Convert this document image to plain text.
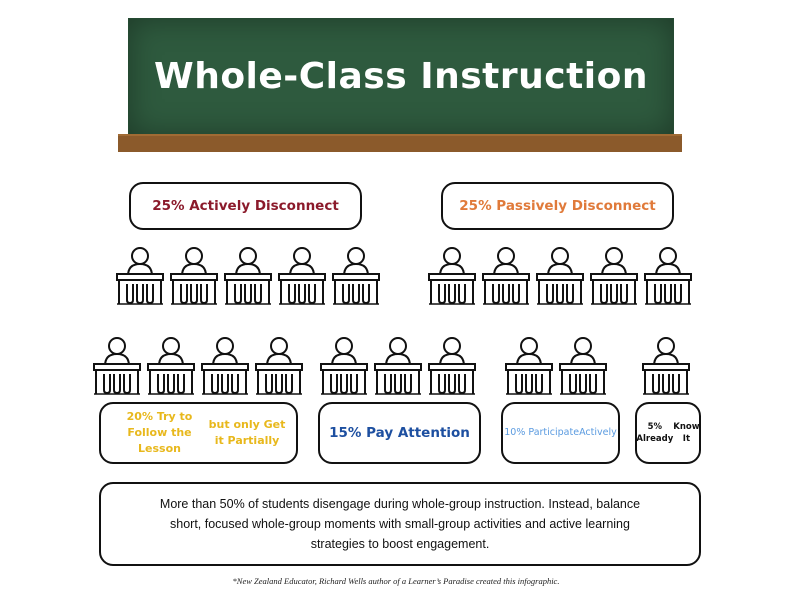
Whole-Class Instruction
25% Actively Disconnect	25% Passively Disconnect
20% Try to Follow the Lesson
but only Get it Partially	15% Pay Attention	10% Participate Actively	5% Already
Know It
More than 50% of students disengage during whole-group instruction. Instead, balance short, focused whole-group moments with small-group activities and active learning strategies to boost engagement.
*New Zealand Educator, Richard Wells author of a Learner’s Paradise created this infographic.
